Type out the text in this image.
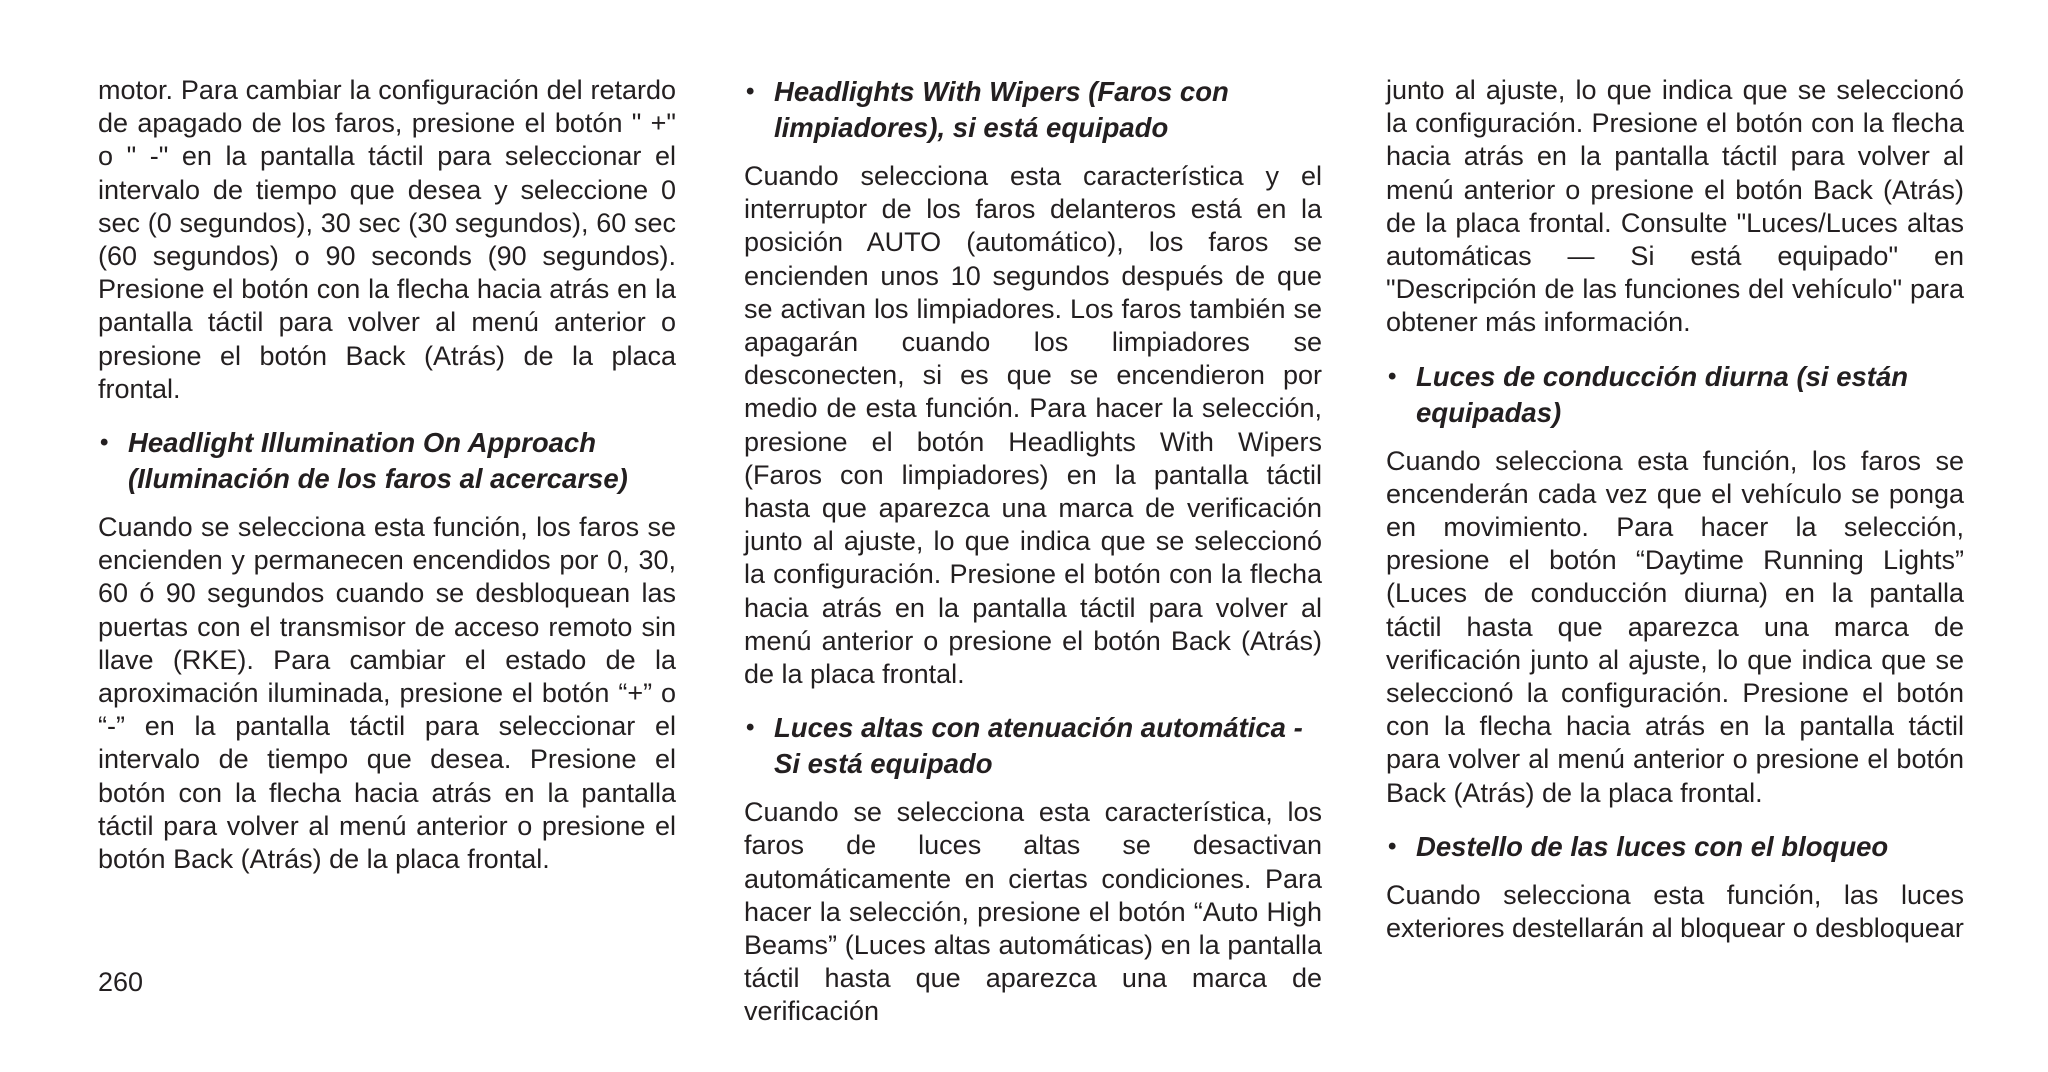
motor. Para cambiar la configuración del retardo de apagado de los faros, presione el botón " +" o " -" en la pantalla táctil para seleccionar el intervalo de tiempo que desea y seleccione 0 sec (0 segundos), 30 sec (30 segundos), 60 sec (60 segundos) o 90 seconds (90 segundos). Presione el botón con la flecha hacia atrás en la pantalla táctil para volver al menú anterior o presione el botón Back (Atrás) de la placa frontal.

• Headlight Illumination On Approach (Iluminación de los faros al acercarse)

Cuando se selecciona esta función, los faros se encienden y permanecen encendidos por 0, 30, 60 ó 90 segundos cuando se desbloquean las puertas con el transmisor de acceso remoto sin llave (RKE). Para cambiar el estado de la aproximación iluminada, presione el botón “+” o “-” en la pantalla táctil para seleccionar el intervalo de tiempo que desea. Presione el botón con la flecha hacia atrás en la pantalla táctil para volver al menú anterior o presione el botón Back (Atrás) de la placa frontal.

• Headlights With Wipers (Faros con limpiadores), si está equipado

Cuando selecciona esta característica y el interruptor de los faros delanteros está en la posición AUTO (automático), los faros se encienden unos 10 segundos después de que se activan los limpiadores. Los faros también se apagarán cuando los limpiadores se desconecten, si es que se encendieron por medio de esta función. Para hacer la selección, presione el botón Headlights With Wipers (Faros con limpiadores) en la pantalla táctil hasta que aparezca una marca de verificación junto al ajuste, lo que indica que se seleccionó la configuración. Presione el botón con la flecha hacia atrás en la pantalla táctil para volver al menú anterior o presione el botón Back (Atrás) de la placa frontal.

• Luces altas con atenuación automática - Si está equipado

Cuando se selecciona esta característica, los faros de luces altas se desactivan automáticamente en ciertas condiciones. Para hacer la selección, presione el botón “Auto High Beams” (Luces altas automáticas) en la pantalla táctil hasta que aparezca una marca de verificación

junto al ajuste, lo que indica que se seleccionó la configuración. Presione el botón con la flecha hacia atrás en la pantalla táctil para volver al menú anterior o presione el botón Back (Atrás) de la placa frontal. Consulte "Luces/Luces altas automáticas — Si está equipado" en "Descripción de las funciones del vehículo" para obtener más información.

• Luces de conducción diurna (si están equipadas)

Cuando selecciona esta función, los faros se encenderán cada vez que el vehículo se ponga en movimiento. Para hacer la selección, presione el botón “Daytime Running Lights” (Luces de conducción diurna) en la pantalla táctil hasta que aparezca una marca de verificación junto al ajuste, lo que indica que se seleccionó la configuración. Presione el botón con la flecha hacia atrás en la pantalla táctil para volver al menú anterior o presione el botón Back (Atrás) de la placa frontal.

• Destello de las luces con el bloqueo

Cuando selecciona esta función, las luces exteriores destellarán al bloquear o desbloquear

260
